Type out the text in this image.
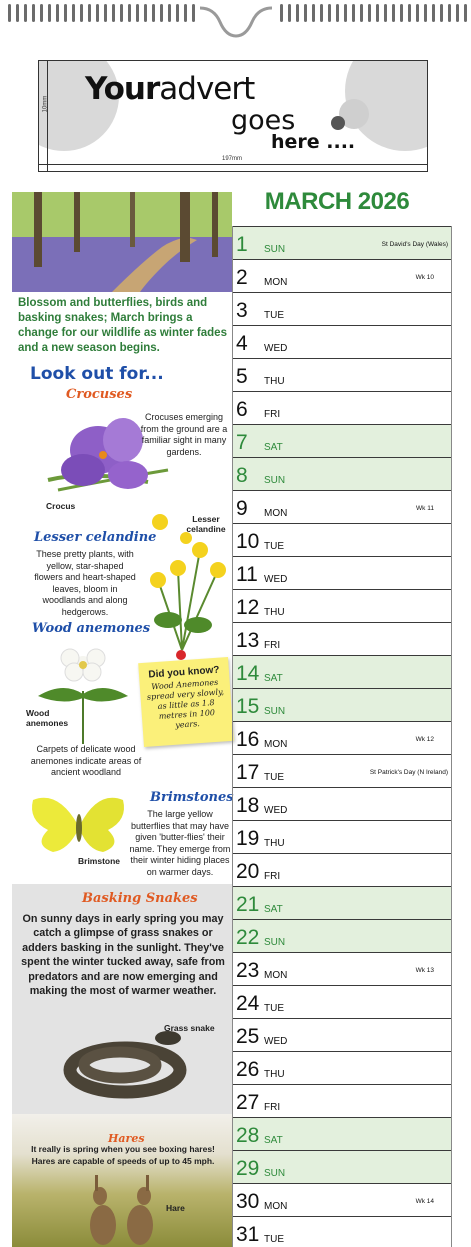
10mm
197mm
Youradvert
goes
here ....
Blossom and butterflies, birds and basking snakes; March brings a change for our wildlife as winter fades and a new season begins.
Look out for...
Crocuses
Crocuses emerging from the ground are a familiar sight in many gardens.
Crocus
Lesser celandine
These pretty plants, with yellow, star-shaped flowers and heart-shaped leaves, bloom in woodlands and along hedgerows.
Lesser celandine
Wood anemones
Wood anemones
Carpets of delicate wood anemones indicate areas of ancient woodland
Did you know?
Wood Anemones spread very slowly, as little as 1.8 metres in 100 years.
Brimstones
Brimstone
The large yellow butterflies that may have given 'butter-flies' their name. They emerge from their winter hiding places on warmer days.
Basking Snakes
On sunny days in early spring you may catch a glimpse of grass snakes or adders basking in the sunlight. They've spent the winter tucked away, safe from predators and are now emerging and making the most of warmer weather.
Grass snake
Hares
It really is spring when you see boxing hares! Hares are capable of speeds of up to 45 mph.
Hare
MARCH 2026
1 SUN	St David's Day (Wales)
2 MON	Wk 10
3 TUE
4 WED
5 THU
6 FRI
7 SAT
8 SUN
9 MON	Wk 11
10 TUE
11 WED
12 THU
13 FRI
14 SAT
15 SUN
16 MON	Wk 12
17 TUE	St Patrick's Day (N Ireland)
18 WED
19 THU
20 FRI
21 SAT
22 SUN
23 MON	Wk 13
24 TUE
25 WED
26 THU
27 FRI
28 SAT
29 SUN
30 MON	Wk 14
31 TUE
